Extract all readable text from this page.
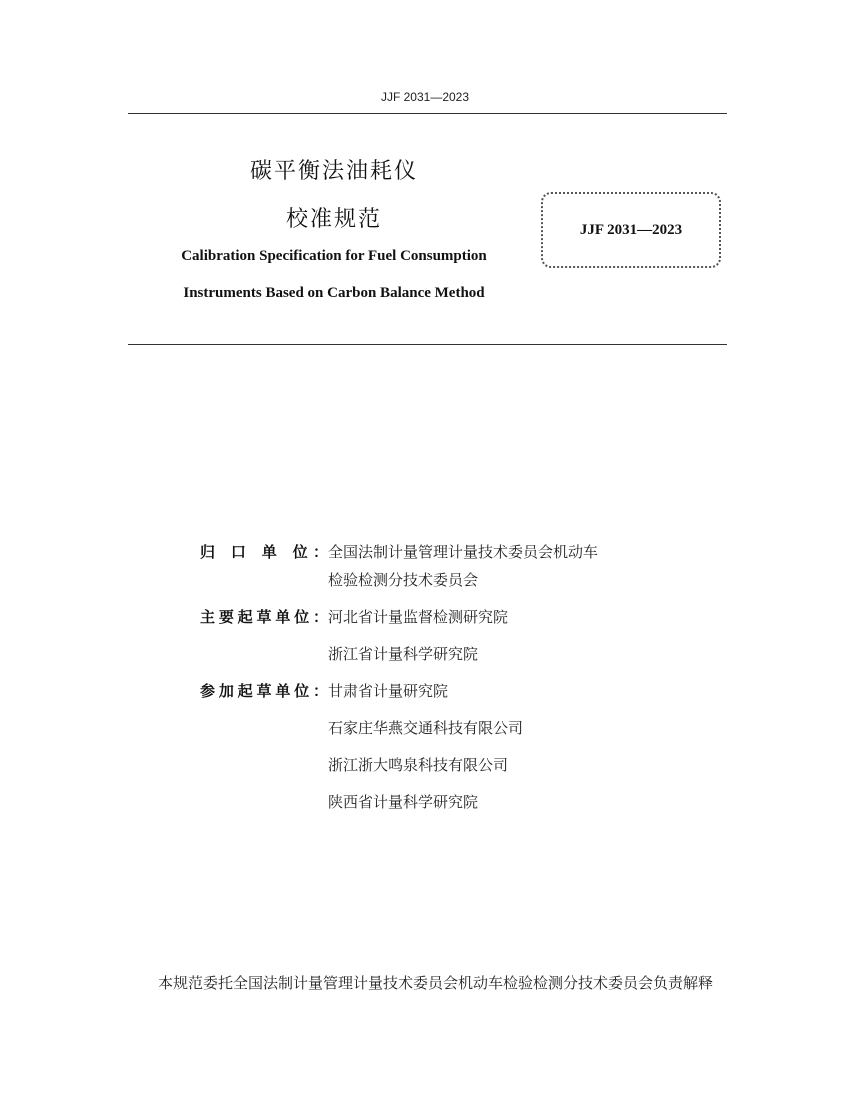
JJF 2031—2023
碳平衡法油耗仪
校准规范
Calibration Specification for Fuel Consumption
Instruments Based on Carbon Balance Method
JJF 2031—2023
归 口 单 位： 全国法制计量管理计量技术委员会机动车
检验检测分技术委员会
主要起草单位： 河北省计量监督检测研究院
浙江省计量科学研究院
参加起草单位： 甘肃省计量研究院
石家庄华燕交通科技有限公司
浙江浙大鸣泉科技有限公司
陕西省计量科学研究院
本规范委托全国法制计量管理计量技术委员会机动车检验检测分技术委员会负责解释
